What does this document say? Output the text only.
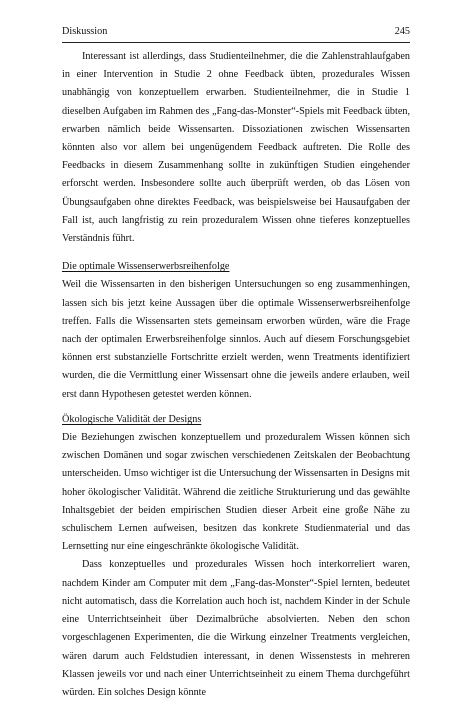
Diskussion	245

Interessant ist allerdings, dass Studienteilnehmer, die die Zahlenstrahlaufgaben in einer Intervention in Studie 2 ohne Feedback übten, prozedurales Wissen unabhängig von konzeptuellem erwarben. Studienteilnehmer, die in Studie 1 dieselben Aufgaben im Rahmen des „Fang-das-Monster“-Spiels mit Feedback übten, erwarben nämlich beide Wissensarten. Dissoziationen zwischen Wissensarten könnten also vor allem bei ungenügendem Feedback auftreten. Die Rolle des Feedbacks in diesem Zusammenhang sollte in zukünftigen Studien eingehender erforscht werden. Insbesondere sollte auch überprüft werden, ob das Lösen von Übungsaufgaben ohne direktes Feedback, was beispielsweise bei Hausaufgaben der Fall ist, auch langfristig zu rein prozeduralem Wissen ohne tieferes konzeptuelles Verständnis führt.

Die optimale Wissenserwerbsreihenfolge

Weil die Wissensarten in den bisherigen Untersuchungen so eng zusammenhingen, lassen sich bis jetzt keine Aussagen über die optimale Wissenserwerbsreihenfolge treffen. Falls die Wissensarten stets gemeinsam erworben würden, wäre die Frage nach der optimalen Erwerbsreihenfolge sinnlos. Auch auf diesem Forschungsgebiet können erst substanzielle Fortschritte erzielt werden, wenn Treatments identifiziert wurden, die die Vermittlung einer Wissensart ohne die jeweils andere erlauben, weil erst dann Hypothesen getestet werden können.

Ökologische Validität der Designs

Die Beziehungen zwischen konzeptuellem und prozeduralem Wissen können sich zwischen Domänen und sogar zwischen verschiedenen Zeitskalen der Beobachtung unterscheiden. Umso wichtiger ist die Untersuchung der Wissensarten in Designs mit hoher ökologischer Validität. Während die zeitliche Strukturierung und das gewählte Inhaltsgebiet der beiden empirischen Studien dieser Arbeit eine große Nähe zu schulischem Lernen aufweisen, besitzen das konkrete Studienmaterial und das Lernsetting nur eine eingeschränkte ökologische Validität.

Dass konzeptuelles und prozedurales Wissen hoch interkorreliert waren, nachdem Kinder am Computer mit dem „Fang-das-Monster“-Spiel lernten, bedeutet nicht automatisch, dass die Korrelation auch hoch ist, nachdem Kinder in der Schule eine Unterrichtseinheit über Dezimalbrüche absolvierten. Neben den schon vorgeschlagenen Experimenten, die die Wirkung einzelner Treatments vergleichen, wären darum auch Feldstudien interessant, in denen Wissenstests in mehreren Klassen jeweils vor und nach einer Unterrichtseinheit zu einem Thema durchgeführt würden. Ein solches Design könnte
